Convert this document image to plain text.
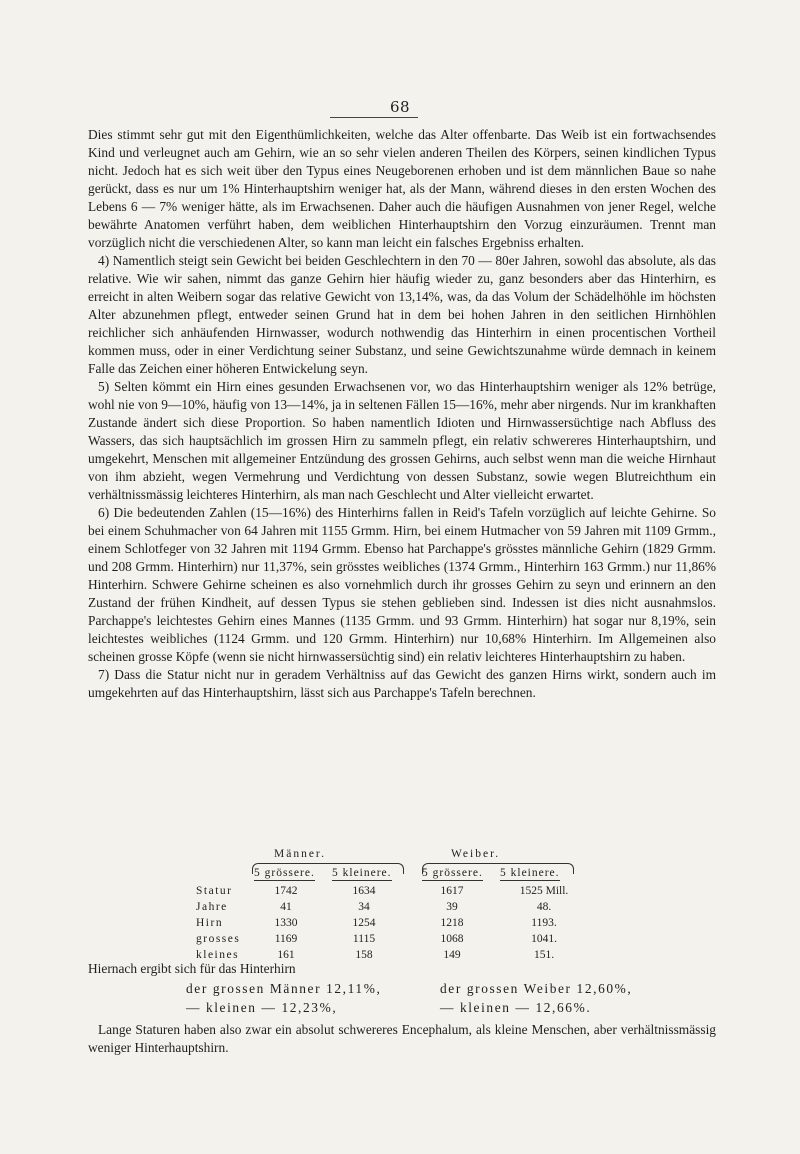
68

Dies stimmt sehr gut mit den Eigenthümlichkeiten, welche das Alter offenbarte. Das Weib ist ein fortwachsendes Kind und verleugnet auch am Gehirn, wie an so sehr vielen anderen Theilen des Körpers, seinen kindlichen Typus nicht. Jedoch hat es sich weit über den Typus eines Neugeborenen erhoben und ist dem männlichen Baue so nahe gerückt, dass es nur um 1% Hinterhauptshirn weniger hat, als der Mann, während dieses in den ersten Wochen des Lebens 6 — 7% weniger hätte, als im Erwachsenen. Daher auch die häufigen Ausnahmen von jener Regel, welche bewährte Anatomen verführt haben, dem weiblichen Hinterhauptshirn den Vorzug einzuräumen. Trennt man vorzüglich nicht die verschiedenen Alter, so kann man leicht ein falsches Ergebniss erhalten.

4) Namentlich steigt sein Gewicht bei beiden Geschlechtern in den 70 — 80er Jahren, sowohl das absolute, als das relative. Wie wir sahen, nimmt das ganze Gehirn hier häufig wieder zu, ganz besonders aber das Hinterhirn, es erreicht in alten Weibern sogar das relative Gewicht von 13,14%, was, da das Volum der Schädelhöhle im höchsten Alter abzunehmen pflegt, entweder seinen Grund hat in dem bei hohen Jahren in den seitlichen Hirnhöhlen reichlicher sich anhäufenden Hirnwasser, wodurch nothwendig das Hinterhirn in einen procentischen Vortheil kommen muss, oder in einer Verdichtung seiner Substanz, und seine Gewichtszunahme würde demnach in keinem Falle das Zeichen einer höheren Entwickelung seyn.

5) Selten kömmt ein Hirn eines gesunden Erwachsenen vor, wo das Hinterhauptshirn weniger als 12% betrüge, wohl nie von 9—10%, häufig von 13—14%, ja in seltenen Fällen 15—16%, mehr aber nirgends. Nur im krankhaften Zustande ändert sich diese Proportion. So haben namentlich Idioten und Hirnwassersüchtige nach Abfluss des Wassers, das sich hauptsächlich im grossen Hirn zu sammeln pflegt, ein relativ schwereres Hinterhauptshirn, und umgekehrt, Menschen mit allgemeiner Entzündung des grossen Gehirns, auch selbst wenn man die weiche Hirnhaut von ihm abzieht, wegen Vermehrung und Verdichtung von dessen Substanz, sowie wegen Blutreichthum ein verhältnissmässig leichteres Hinterhirn, als man nach Geschlecht und Alter vielleicht erwartet.

6) Die bedeutenden Zahlen (15—16%) des Hinterhirns fallen in Reid's Tafeln vorzüglich auf leichte Gehirne. So bei einem Schuhmacher von 64 Jahren mit 1155 Grmm. Hirn, bei einem Hutmacher von 59 Jahren mit 1109 Grmm., einem Schlotfeger von 32 Jahren mit 1194 Grmm. Ebenso hat Parchappe's grösstes männliche Gehirn (1829 Grmm. und 208 Grmm. Hinterhirn) nur 11,37%, sein grösstes weibliches (1374 Grmm., Hinterhirn 163 Grmm.) nur 11,86% Hinterhirn. Schwere Gehirne scheinen es also vornehmlich durch ihr grosses Gehirn zu seyn und erinnern an den Zustand der frühen Kindheit, auf dessen Typus sie stehen geblieben sind. Indessen ist dies nicht ausnahmslos. Parchappe's leichtestes Gehirn eines Mannes (1135 Grmm. und 93 Grmm. Hinterhirn) hat sogar nur 8,19%, sein leichtestes weibliches (1124 Grmm. und 120 Grmm. Hinterhirn) nur 10,68% Hinterhirn. Im Allgemeinen also scheinen grosse Köpfe (wenn sie nicht hirnwassersüchtig sind) ein relativ leichteres Hinterhauptshirn zu haben.

7) Dass die Statur nicht nur in geradem Verhältniss auf das Gewicht des ganzen Hirns wirkt, sondern auch im umgekehrten auf das Hinterhauptshirn, lässt sich aus Parchappe's Tafeln berechnen.

Männer.	Weiber.
5 grössere. 5 kleinere.	5 grössere. 5 kleinere.
Statur	1742	1634	1617	1525 Mill.
Jahre	41	34	39	48.
Hirn	1330	1254	1218	1193.
grosses	1169	1115	1068	1041.
kleines	161	158	149	151.
Hiernach ergibt sich für das Hinterhirn
der grossen Männer 12,11%,	der grossen Weiber 12,60%,
— kleinen — 12,23%,	— kleinen — 12,66%.
Lange Staturen haben also zwar ein absolut schwereres Encephalum, als kleine Menschen, aber verhältnissmässig weniger Hinterhauptshirn.
